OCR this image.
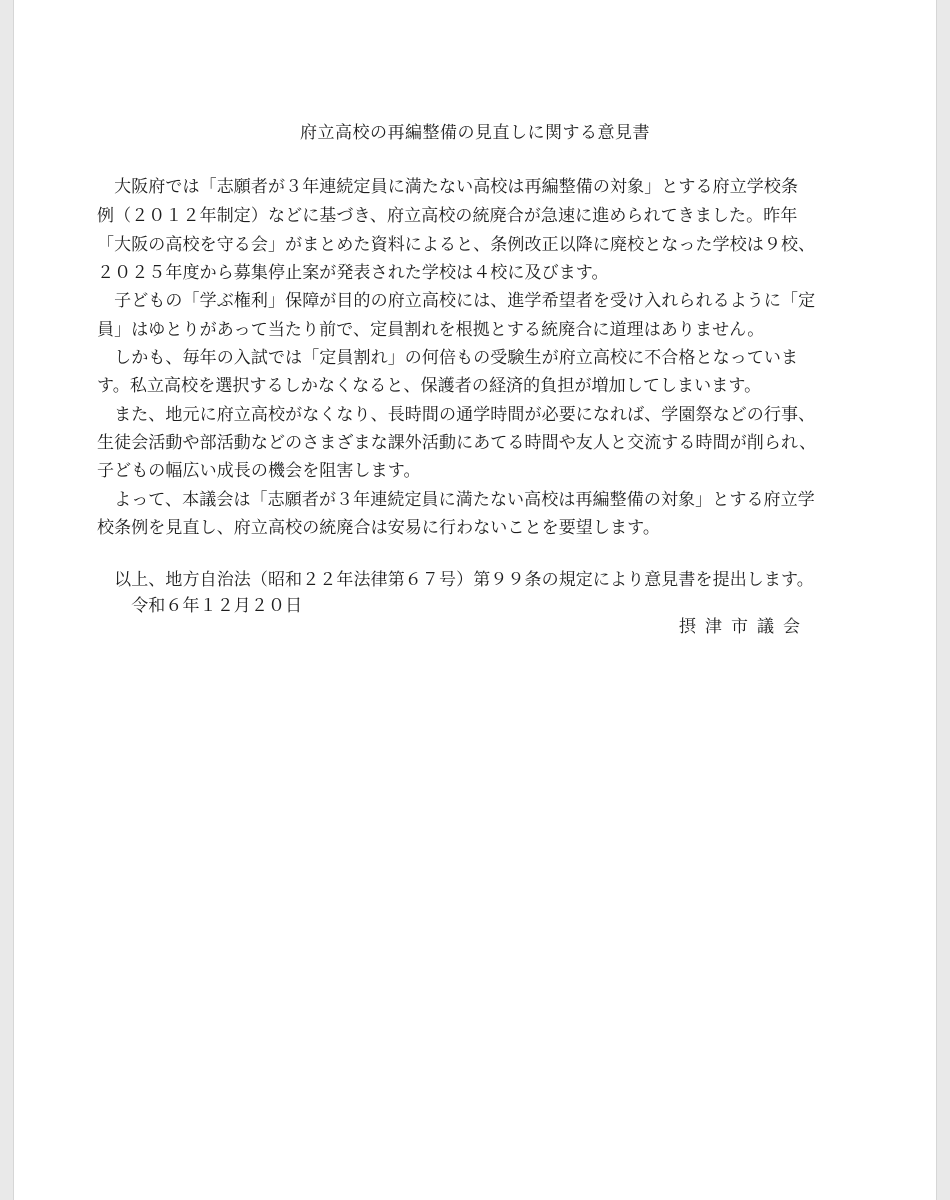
府立高校の再編整備の見直しに関する意見書
　大阪府では「志願者が３年連続定員に満たない高校は再編整備の対象」とする府立学校条
例（２０１２年制定）などに基づき、府立高校の統廃合が急速に進められてきました。昨年
「大阪の高校を守る会」がまとめた資料によると、条例改正以降に廃校となった学校は９校、
２０２５年度から募集停止案が発表された学校は４校に及びます。
　子どもの「学ぶ権利」保障が目的の府立高校には、進学希望者を受け入れられるように「定
員」はゆとりがあって当たり前で、定員割れを根拠とする統廃合に道理はありません。
　しかも、毎年の入試では「定員割れ」の何倍もの受験生が府立高校に不合格となっていま
す。私立高校を選択するしかなくなると、保護者の経済的負担が増加してしまいます。
　また、地元に府立高校がなくなり、長時間の通学時間が必要になれば、学園祭などの行事、
生徒会活動や部活動などのさまざまな課外活動にあてる時間や友人と交流する時間が削られ、
子どもの幅広い成長の機会を阻害します。
　よって、本議会は「志願者が３年連続定員に満たない高校は再編整備の対象」とする府立学
校条例を見直し、府立高校の統廃合は安易に行わないことを要望します。
　以上、地方自治法（昭和２２年法律第６７号）第９９条の規定により意見書を提出します。
　　令和６年１２月２０日
摂津市議会
